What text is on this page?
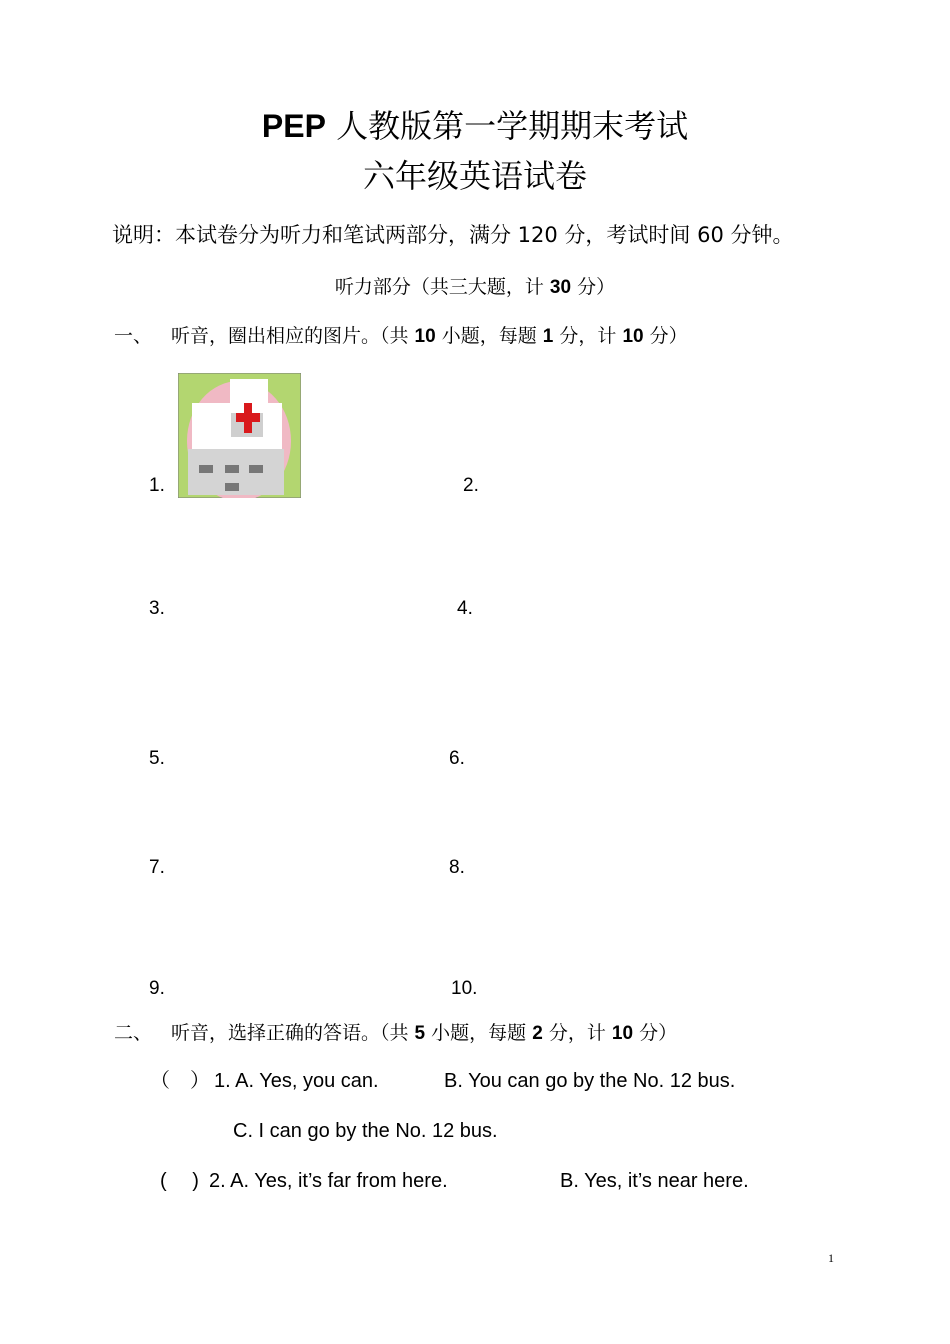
PEP 人教版第一学期期末考试
六年级英语试卷
说明：本试卷分为听力和笔试两部分，满分 120 分，考试时间 60 分钟。
听力部分（共三大题，计 30 分）
一、 听音，圈出相应的图片。（共 10 小题，每题 1 分，计 10 分）
1.	2.
3.	4.
5.	6.
7.	8.
9.	10.
二、 听音，选择正确的答语。（共 5 小题，每题 2 分，计 10 分）
（　） 1. A. Yes, you can.	B. You can go by the No. 12 bus.
C. I can go by the No. 12 bus.
(　 ) 2. A. Yes, it’s far from here.	B. Yes, it’s near here.
1
